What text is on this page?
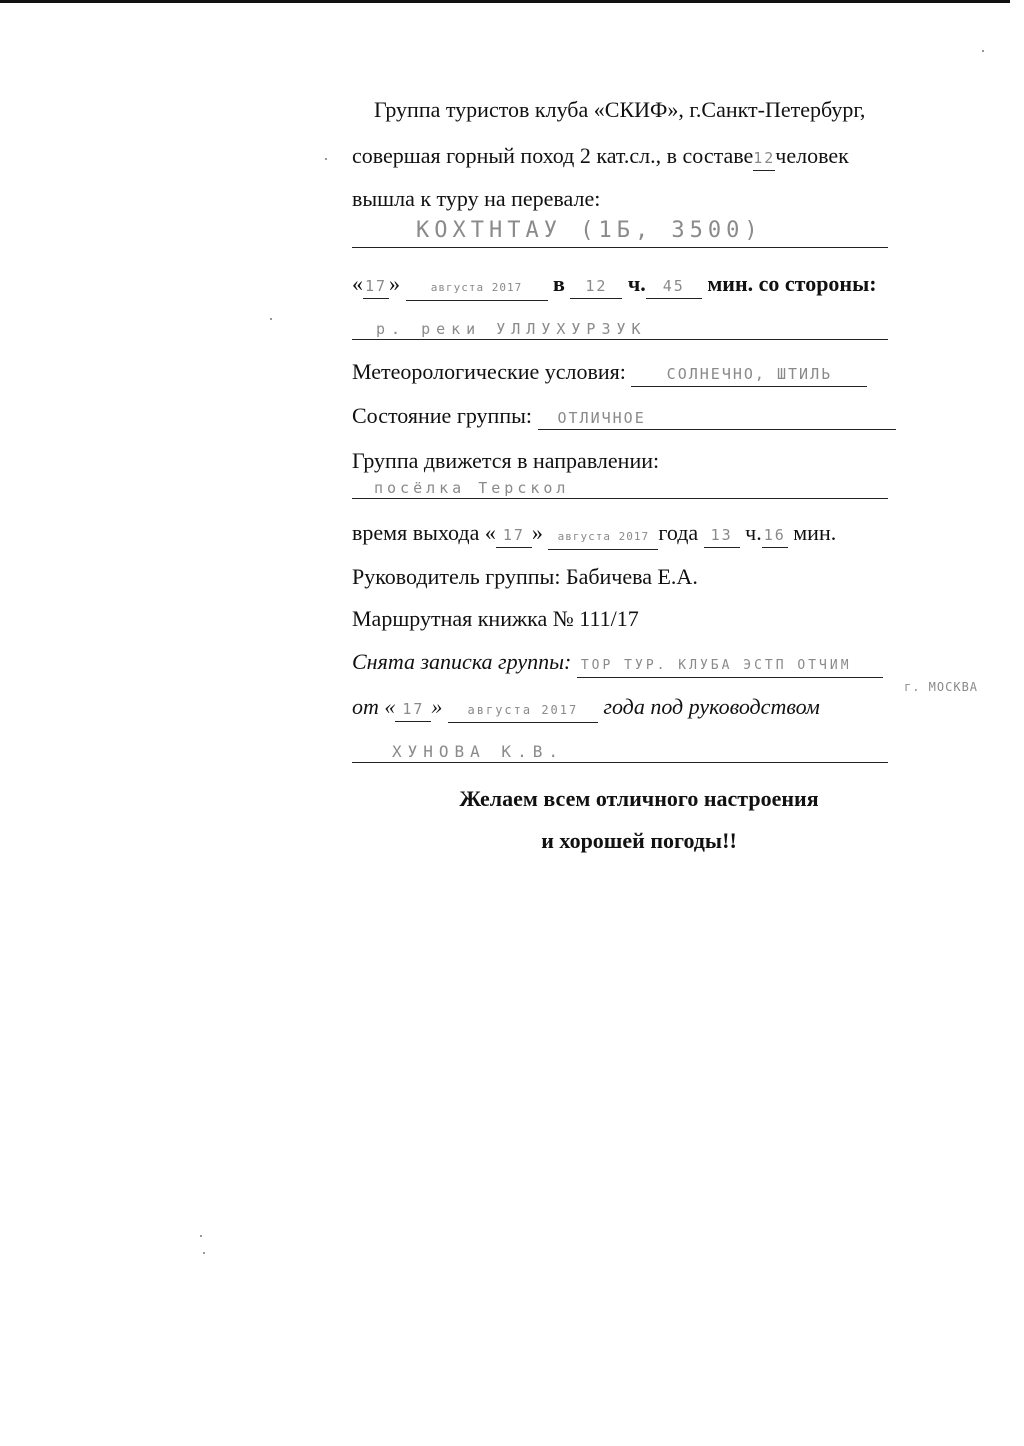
Группа туристов клуба «СКИФ», г.Санкт-Петербург,
совершая горный поход 2 кат.сл., в составе12человек
вышла к туру на перевале:
КОХТНТАУ (1Б, 3500)
« 17»	августа 2017 в 12 ч. 45 мин. со стороны:
р. реки УЛЛУХУРЗУК
Метеорологические условия:	СОЛНЕЧНО, ШТИЛЬ
Состояние группы: ОТЛИЧНОЕ
Группа движется в направлении:
посёлка Терскол
время выхода « 17 » августа 2017 года 13 ч. 16 мин.
Руководитель группы: Бабичева Е.А.
Маршрутная книжка № 111/17
Снята записка группы: ТОР ТУР. КЛУБА ЭСТП ОТЧИМ
г. МОСКВА
от « 17 » августа 2017 года под руководством
ХУНОВА К.В.
Желаем всем отличного настроения
и хорошей погоды!!
